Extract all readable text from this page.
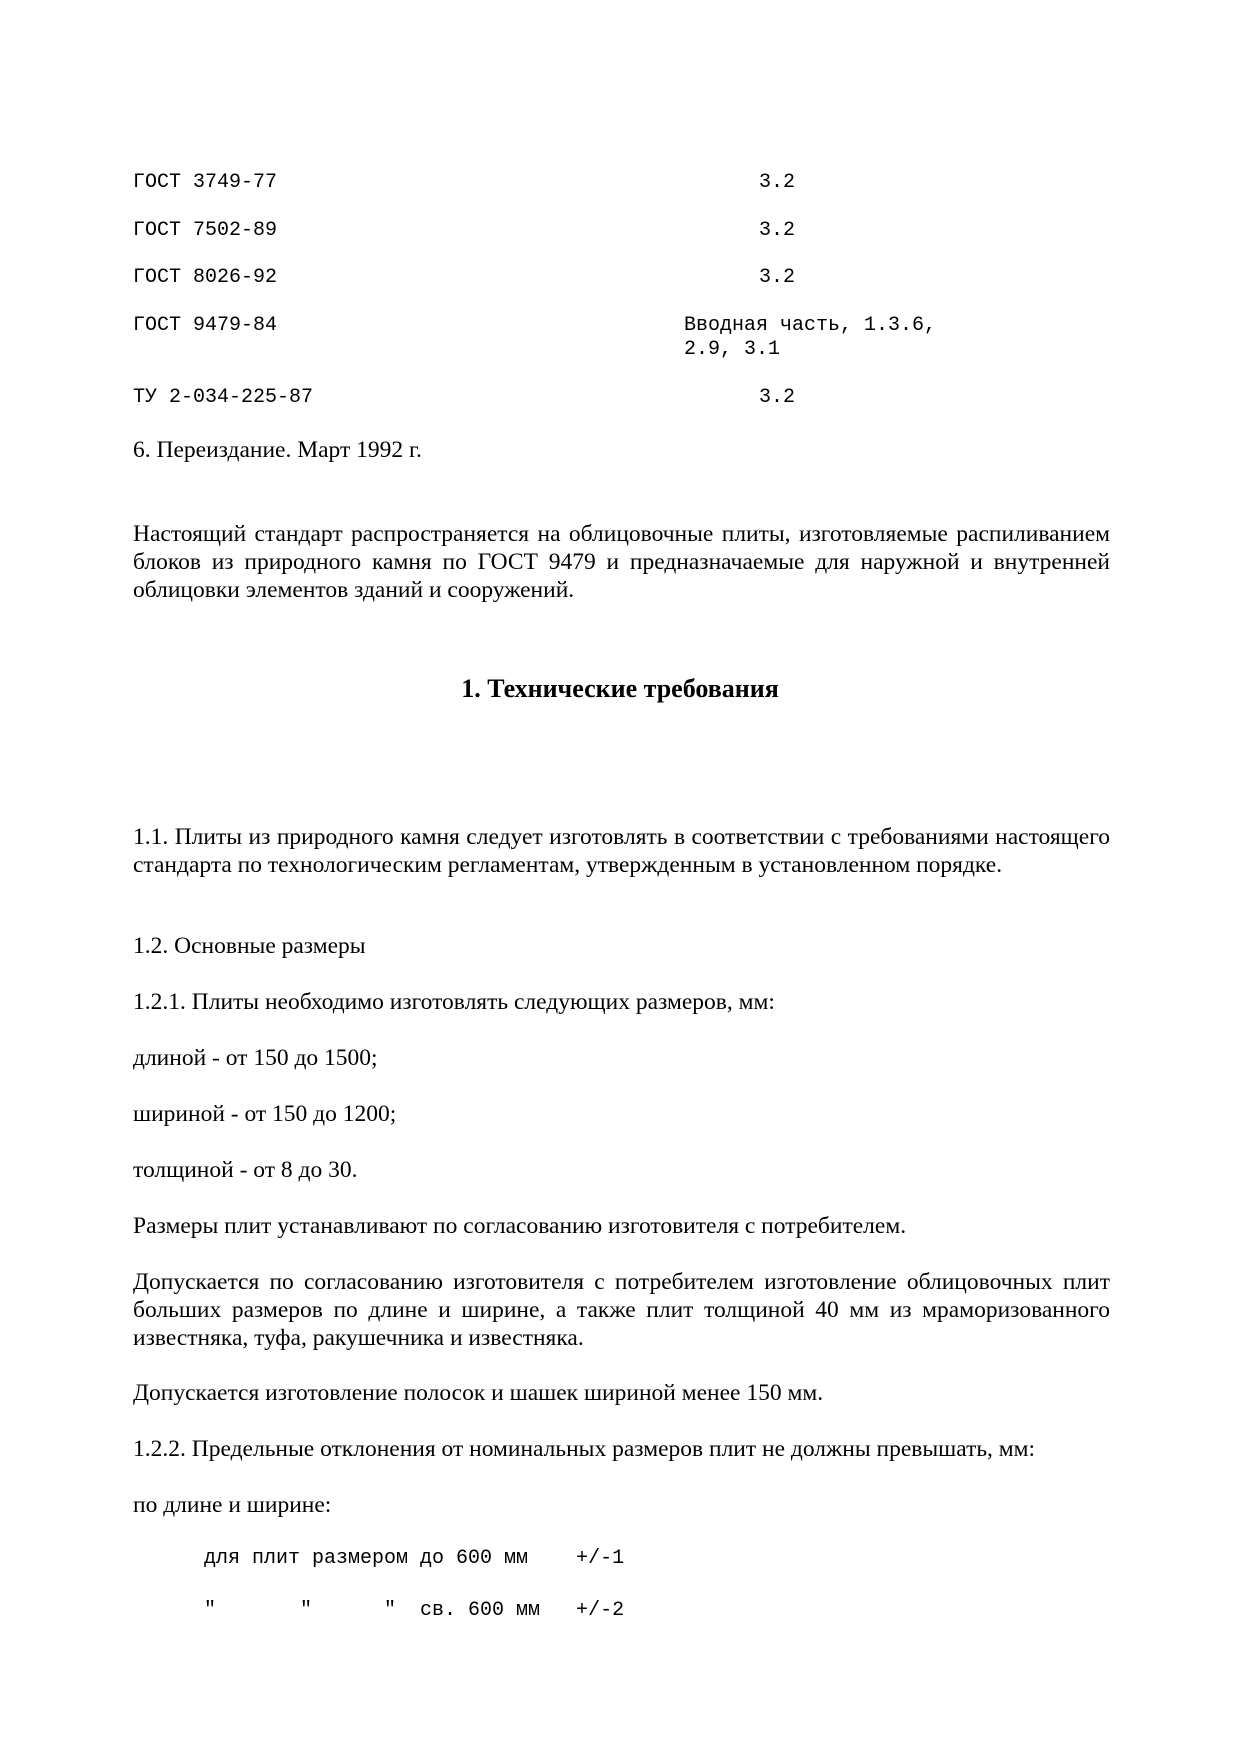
ГОСТ 3749-77	3.2
ГОСТ 7502-89	3.2
ГОСТ 8026-92	3.2
ГОСТ 9479-84	Вводная часть, 1.3.6,
2.9, 3.1
ТУ 2-034-225-87	3.2
6. Переиздание. Март 1992 г.
Настоящий стандарт распространяется на облицовочные плиты, изготовляемые распиливанием блоков из природного камня по ГОСТ 9479 и предназначаемые для наружной и внутренней облицовки элементов зданий и сооружений.
1. Технические требования
1.1. Плиты из природного камня следует изготовлять в соответствии с требованиями настоящего стандарта по технологическим регламентам, утвержденным в установленном порядке.
1.2. Основные размеры
1.2.1. Плиты необходимо изготовлять следующих размеров, мм:
длиной - от 150 до 1500;
шириной - от 150 до 1200;
толщиной - от 8 до 30.
Размеры плит устанавливают по согласованию изготовителя с потребителем.
Допускается по согласованию изготовителя с потребителем изготовление облицовочных плит больших размеров по длине и ширине, а также плит толщиной 40 мм из мраморизованного известняка, туфа, ракушечника и известняка.
Допускается изготовление полосок и шашек шириной менее 150 мм.
1.2.2. Предельные отклонения от номинальных размеров плит не должны превышать, мм:
по длине и ширине:
для плит размером до 600 мм    +/-1
"       "      "  св. 600 мм   +/-2
